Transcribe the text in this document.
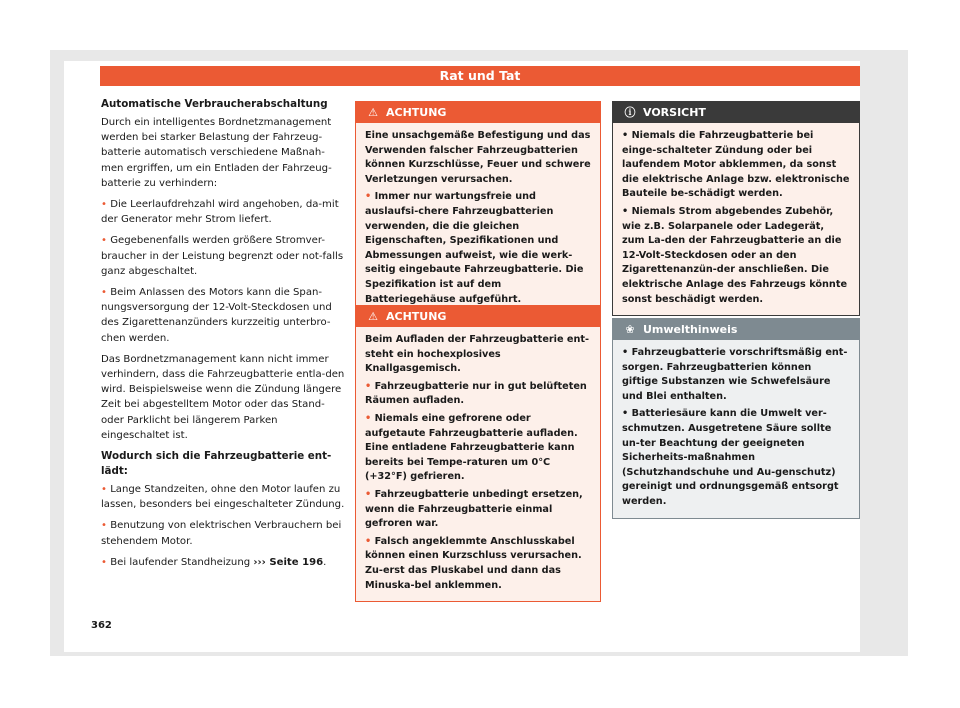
Rat und Tat
Automatische Verbraucherabschaltung

Durch ein intelligentes Bordnetzmanagement werden bei starker Belastung der Fahrzeug-batterie automatisch verschiedene Maßnah-men ergriffen, um ein Entladen der Fahrzeug-batterie zu verhindern:

• Die Leerlaufdrehzahl wird angehoben, da-mit der Generator mehr Strom liefert.
• Gegebenenfalls werden größere Stromver-braucher in der Leistung begrenzt oder not-falls ganz abgeschaltet.
• Beim Anlassen des Motors kann die Span-nungsversorgung der 12-Volt-Steckdosen und des Zigarettenanzünders kurzzeitig unterbro-chen werden.

Das Bordnetzmanagement kann nicht immer verhindern, dass die Fahrzeugbatterie entla-den wird. Beispielsweise wenn die Zündung längere Zeit bei abgestelltem Motor oder das Stand- oder Parklicht bei längerem Parken eingeschaltet ist.

Wodurch sich die Fahrzeugbatterie ent-lädt:
• Lange Standzeiten, ohne den Motor laufen zu lassen, besonders bei eingeschalteter Zündung.
• Benutzung von elektrischen Verbrauchern bei stehendem Motor.
• Bei laufender Standheizung ››› Seite 196.
⚠ ACHTUNG
Eine unsachgemäße Befestigung und das Verwenden falscher Fahrzeugbatterien können Kurzschlüsse, Feuer und schwere Verletzungen verursachen.
• Immer nur wartungsfreie und auslaufsi-chere Fahrzeugbatterien verwenden, die die gleichen Eigenschaften, Spezifikationen und Abmessungen aufweist, wie die werk-seitig eingebaute Fahrzeugbatterie. Die Spezifikation ist auf dem Batteriegehäuse aufgeführt.
⚠ ACHTUNG
Beim Aufladen der Fahrzeugbatterie ent-steht ein hochexplosives Knallgasgemisch.
• Fahrzeugbatterie nur in gut belüfteten Räumen aufladen.
• Niemals eine gefrorene oder aufgetaute Fahrzeugbatterie aufladen. Eine entladene Fahrzeugbatterie kann bereits bei Tempe-raturen um 0°C (+32°F) gefrieren.
• Fahrzeugbatterie unbedingt ersetzen, wenn die Fahrzeugbatterie einmal gefroren war.
• Falsch angeklemmte Anschlusskabel können einen Kurzschluss verursachen. Zu-erst das Pluskabel und dann das Minuska-bel anklemmen.
ⓘ VORSICHT
• Niemals die Fahrzeugbatterie bei einge-schalteter Zündung oder bei laufendem Motor abklemmen, da sonst die elektrische Anlage bzw. elektronische Bauteile be-schädigt werden.
• Niemals Strom abgebendes Zubehör, wie z.B. Solarpanele oder Ladegerät, zum La-den der Fahrzeugbatterie an die 12-Volt-Steckdosen oder an den Zigarettenanzün-der anschließen. Die elektrische Anlage des Fahrzeugs könnte sonst beschädigt werden.
❀ Umwelthinweis
• Fahrzeugbatterie vorschriftsmäßig ent-sorgen. Fahrzeugbatterien können giftige Substanzen wie Schwefelsäure und Blei enthalten.
• Batteriesäure kann die Umwelt ver-schmutzen. Ausgetretene Säure sollte un-ter Beachtung der geeigneten Sicherheits-maßnahmen (Schutzhandschuhe und Au-genschutz) gereinigt und ordnungsgemäß entsorgt werden.
362
